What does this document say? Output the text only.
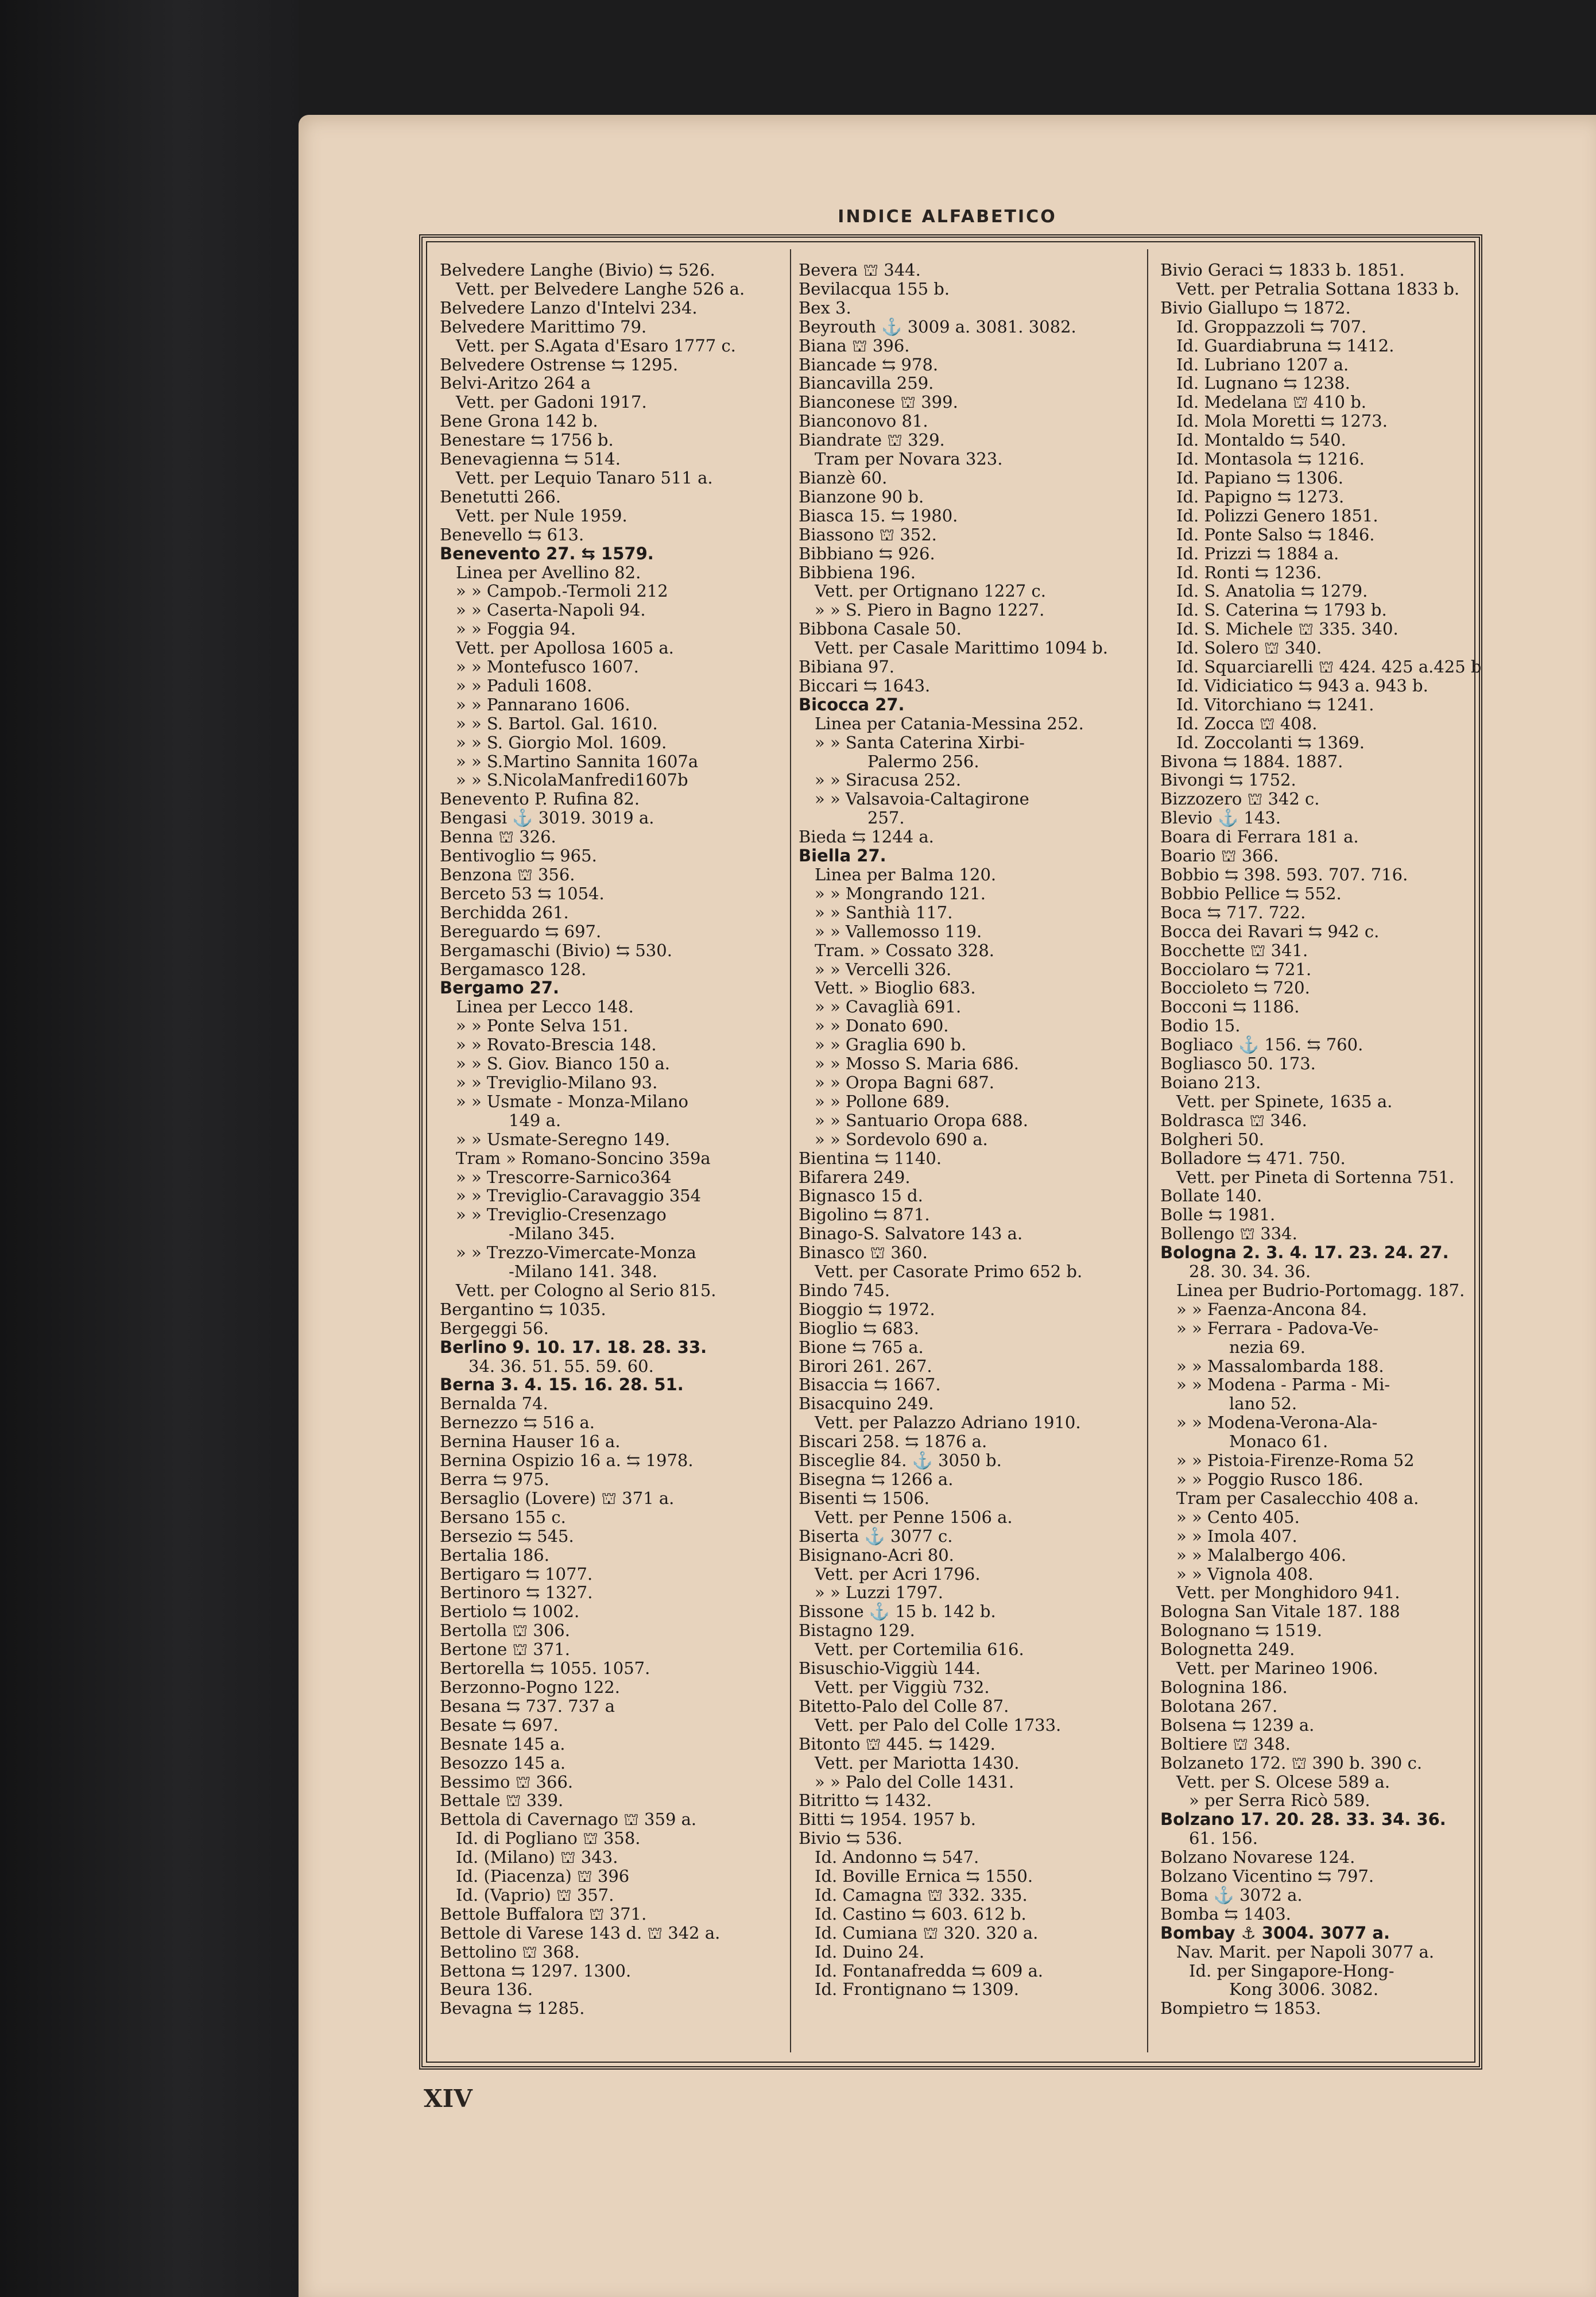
INDICE ALFABETICO
Belvedere Langhe (Bivio) ⇆ 526.
Vett. per Belvedere Langhe 526 a.
Belvedere Lanzo d'Intelvi 234.
Belvedere Marittimo 79.
Vett. per S.Agata d'Esaro 1777 c.
Belvedere Ostrense ⇆ 1295.
Belvi-Aritzo 264 a
Vett. per Gadoni 1917.
Bene Grona 142 b.
Benestare ⇆ 1756 b.
Benevagienna ⇆ 514.
Vett. per Lequio Tanaro 511 a.
Benetutti 266.
Vett. per Nule 1959.
Benevello ⇆ 613.
Benevento 27. ⇆ 1579.
Linea per Avellino 82.
» » Campob.-Termoli 212
» » Caserta-Napoli 94.
» » Foggia 94.
Vett. per Apollosa 1605 a.
» » Montefusco 1607.
» » Paduli 1608.
» » Pannarano 1606.
» » S. Bartol. Gal. 1610.
» » S. Giorgio Mol. 1609.
» » S.Martino Sannita 1607a
» » S.NicolaManfredi1607b
Benevento P. Rufina 82.
Bengasi ⚓ 3019. 3019 a.
Benna ⛫ 326.
Bentivoglio ⇆ 965.
Benzona ⛫ 356.
Berceto 53 ⇆ 1054.
Berchidda 261.
Bereguardo ⇆ 697.
Bergamaschi (Bivio) ⇆ 530.
Bergamasco 128.
Bergamo 27.
Linea per Lecco 148.
» » Ponte Selva 151.
» » Rovato-Brescia 148.
» » S. Giov. Bianco 150 a.
» » Treviglio-Milano 93.
» » Usmate - Monza-Milano
149 a.
» » Usmate-Seregno 149.
Tram » Romano-Soncino 359a
» » Trescorre-Sarnico364
» » Treviglio-Caravaggio 354
» » Treviglio-Cresenzago
-Milano 345.
» » Trezzo-Vimercate-Monza
-Milano 141. 348.
Vett. per Cologno al Serio 815.
Bergantino ⇆ 1035.
Bergeggi 56.
Berlino 9. 10. 17. 18. 28. 33.
34. 36. 51. 55. 59. 60.
Berna 3. 4. 15. 16. 28. 51.
Bernalda 74.
Bernezzo ⇆ 516 a.
Bernina Hauser 16 a.
Bernina Ospizio 16 a. ⇆ 1978.
Berra ⇆ 975.
Bersaglio (Lovere) ⛫ 371 a.
Bersano 155 c.
Bersezio ⇆ 545.
Bertalia 186.
Bertigaro ⇆ 1077.
Bertinoro ⇆ 1327.
Bertiolo ⇆ 1002.
Bertolla ⛫ 306.
Bertone ⛫ 371.
Bertorella ⇆ 1055. 1057.
Berzonno-Pogno 122.
Besana ⇆ 737. 737 a
Besate ⇆ 697.
Besnate 145 a.
Besozzo 145 a.
Bessimo ⛫ 366.
Bettale ⛫ 339.
Bettola di Cavernago ⛫ 359 a.
Id. di Pogliano ⛫ 358.
Id. (Milano) ⛫ 343.
Id. (Piacenza) ⛫ 396
Id. (Vaprio) ⛫ 357.
Bettole Buffalora ⛫ 371.
Bettole di Varese 143 d. ⛫ 342 a.
Bettolino ⛫ 368.
Bettona ⇆ 1297. 1300.
Beura 136.
Bevagna ⇆ 1285.
Bevera ⛫ 344.
Bevilacqua 155 b.
Bex 3.
Beyrouth ⚓ 3009 a. 3081. 3082.
Biana ⛫ 396.
Biancade ⇆ 978.
Biancavilla 259.
Bianconese ⛫ 399.
Bianconovo 81.
Biandrate ⛫ 329.
Tram per Novara 323.
Bianzè 60.
Bianzone 90 b.
Biasca 15. ⇆ 1980.
Biassono ⛫ 352.
Bibbiano ⇆ 926.
Bibbiena 196.
Vett. per Ortignano 1227 c.
» » S. Piero in Bagno 1227.
Bibbona Casale 50.
Vett. per Casale Marittimo 1094 b.
Bibiana 97.
Biccari ⇆ 1643.
Bicocca 27.
Linea per Catania-Messina 252.
» » Santa Caterina Xirbi-
Palermo 256.
» » Siracusa 252.
» » Valsavoia-Caltagirone
257.
Bieda ⇆ 1244 a.
Biella 27.
Linea per Balma 120.
» » Mongrando 121.
» » Santhià 117.
» » Vallemosso 119.
Tram. » Cossato 328.
» » Vercelli 326.
Vett. » Bioglio 683.
» » Cavaglià 691.
» » Donato 690.
» » Graglia 690 b.
» » Mosso S. Maria 686.
» » Oropa Bagni 687.
» » Pollone 689.
» » Santuario Oropa 688.
» » Sordevolo 690 a.
Bientina ⇆ 1140.
Bifarera 249.
Bignasco 15 d.
Bigolino ⇆ 871.
Binago-S. Salvatore 143 a.
Binasco ⛫ 360.
Vett. per Casorate Primo 652 b.
Bindo 745.
Bioggio ⇆ 1972.
Bioglio ⇆ 683.
Bione ⇆ 765 a.
Birori 261. 267.
Bisaccia ⇆ 1667.
Bisacquino 249.
Vett. per Palazzo Adriano 1910.
Biscari 258. ⇆ 1876 a.
Bisceglie 84. ⚓ 3050 b.
Bisegna ⇆ 1266 a.
Bisenti ⇆ 1506.
Vett. per Penne 1506 a.
Biserta ⚓ 3077 c.
Bisignano-Acri 80.
Vett. per Acri 1796.
» » Luzzi 1797.
Bissone ⚓ 15 b. 142 b.
Bistagno 129.
Vett. per Cortemilia 616.
Bisuschio-Viggiù 144.
Vett. per Viggiù 732.
Bitetto-Palo del Colle 87.
Vett. per Palo del Colle 1733.
Bitonto ⛫ 445. ⇆ 1429.
Vett. per Mariotta 1430.
» » Palo del Colle 1431.
Bitritto ⇆ 1432.
Bitti ⇆ 1954. 1957 b.
Bivio ⇆ 536.
Id. Andonno ⇆ 547.
Id. Boville Ernica ⇆ 1550.
Id. Camagna ⛫ 332. 335.
Id. Castino ⇆ 603. 612 b.
Id. Cumiana ⛫ 320. 320 a.
Id. Duino 24.
Id. Fontanafredda ⇆ 609 a.
Id. Frontignano ⇆ 1309.
Bivio Geraci ⇆ 1833 b. 1851.
Vett. per Petralia Sottana 1833 b.
Bivio Giallupo ⇆ 1872.
Id. Groppazzoli ⇆ 707.
Id. Guardiabruna ⇆ 1412.
Id. Lubriano 1207 a.
Id. Lugnano ⇆ 1238.
Id. Medelana ⛫ 410 b.
Id. Mola Moretti ⇆ 1273.
Id. Montaldo ⇆ 540.
Id. Montasola ⇆ 1216.
Id. Papiano ⇆ 1306.
Id. Papigno ⇆ 1273.
Id. Polizzi Genero 1851.
Id. Ponte Salso ⇆ 1846.
Id. Prizzi ⇆ 1884 a.
Id. Ronti ⇆ 1236.
Id. S. Anatolia ⇆ 1279.
Id. S. Caterina ⇆ 1793 b.
Id. S. Michele ⛫ 335. 340.
Id. Solero ⛫ 340.
Id. Squarciarelli ⛫ 424. 425 a.425 b
Id. Vidiciatico ⇆ 943 a. 943 b.
Id. Vitorchiano ⇆ 1241.
Id. Zocca ⛫ 408.
Id. Zoccolanti ⇆ 1369.
Bivona ⇆ 1884. 1887.
Bivongi ⇆ 1752.
Bizzozero ⛫ 342 c.
Blevio ⚓ 143.
Boara di Ferrara 181 a.
Boario ⛫ 366.
Bobbio ⇆ 398. 593. 707. 716.
Bobbio Pellice ⇆ 552.
Boca ⇆ 717. 722.
Bocca dei Ravari ⇆ 942 c.
Bocchette ⛫ 341.
Bocciolaro ⇆ 721.
Boccioleto ⇆ 720.
Bocconi ⇆ 1186.
Bodio 15.
Bogliaco ⚓ 156. ⇆ 760.
Bogliasco 50. 173.
Boiano 213.
Vett. per Spinete, 1635 a.
Boldrasca ⛫ 346.
Bolgheri 50.
Bolladore ⇆ 471. 750.
Vett. per Pineta di Sortenna 751.
Bollate 140.
Bolle ⇆ 1981.
Bollengo ⛫ 334.
Bologna 2. 3. 4. 17. 23. 24. 27.
28. 30. 34. 36.
Linea per Budrio-Portomagg. 187.
» » Faenza-Ancona 84.
» » Ferrara - Padova-Ve-
nezia 69.
» » Massalombarda 188.
» » Modena - Parma - Mi-
lano 52.
» » Modena-Verona-Ala-
Monaco 61.
» » Pistoia-Firenze-Roma 52
» » Poggio Rusco 186.
Tram per Casalecchio 408 a.
» » Cento 405.
» » Imola 407.
» » Malalbergo 406.
» » Vignola 408.
Vett. per Monghidoro 941.
Bologna San Vitale 187. 188
Bolognano ⇆ 1519.
Bolognetta 249.
Vett. per Marineo 1906.
Bolognina 186.
Bolotana 267.
Bolsena ⇆ 1239 a.
Boltiere ⛫ 348.
Bolzaneto 172. ⛫ 390 b. 390 c.
Vett. per S. Olcese 589 a.
» per Serra Ricò 589.
Bolzano 17. 20. 28. 33. 34. 36.
61. 156.
Bolzano Novarese 124.
Bolzano Vicentino ⇆ 797.
Boma ⚓ 3072 a.
Bomba ⇆ 1403.
Bombay ⚓ 3004. 3077 a.
Nav. Marit. per Napoli 3077 a.
Id. per Singapore-Hong-
Kong 3006. 3082.
Bompietro ⇆ 1853.
XIV
